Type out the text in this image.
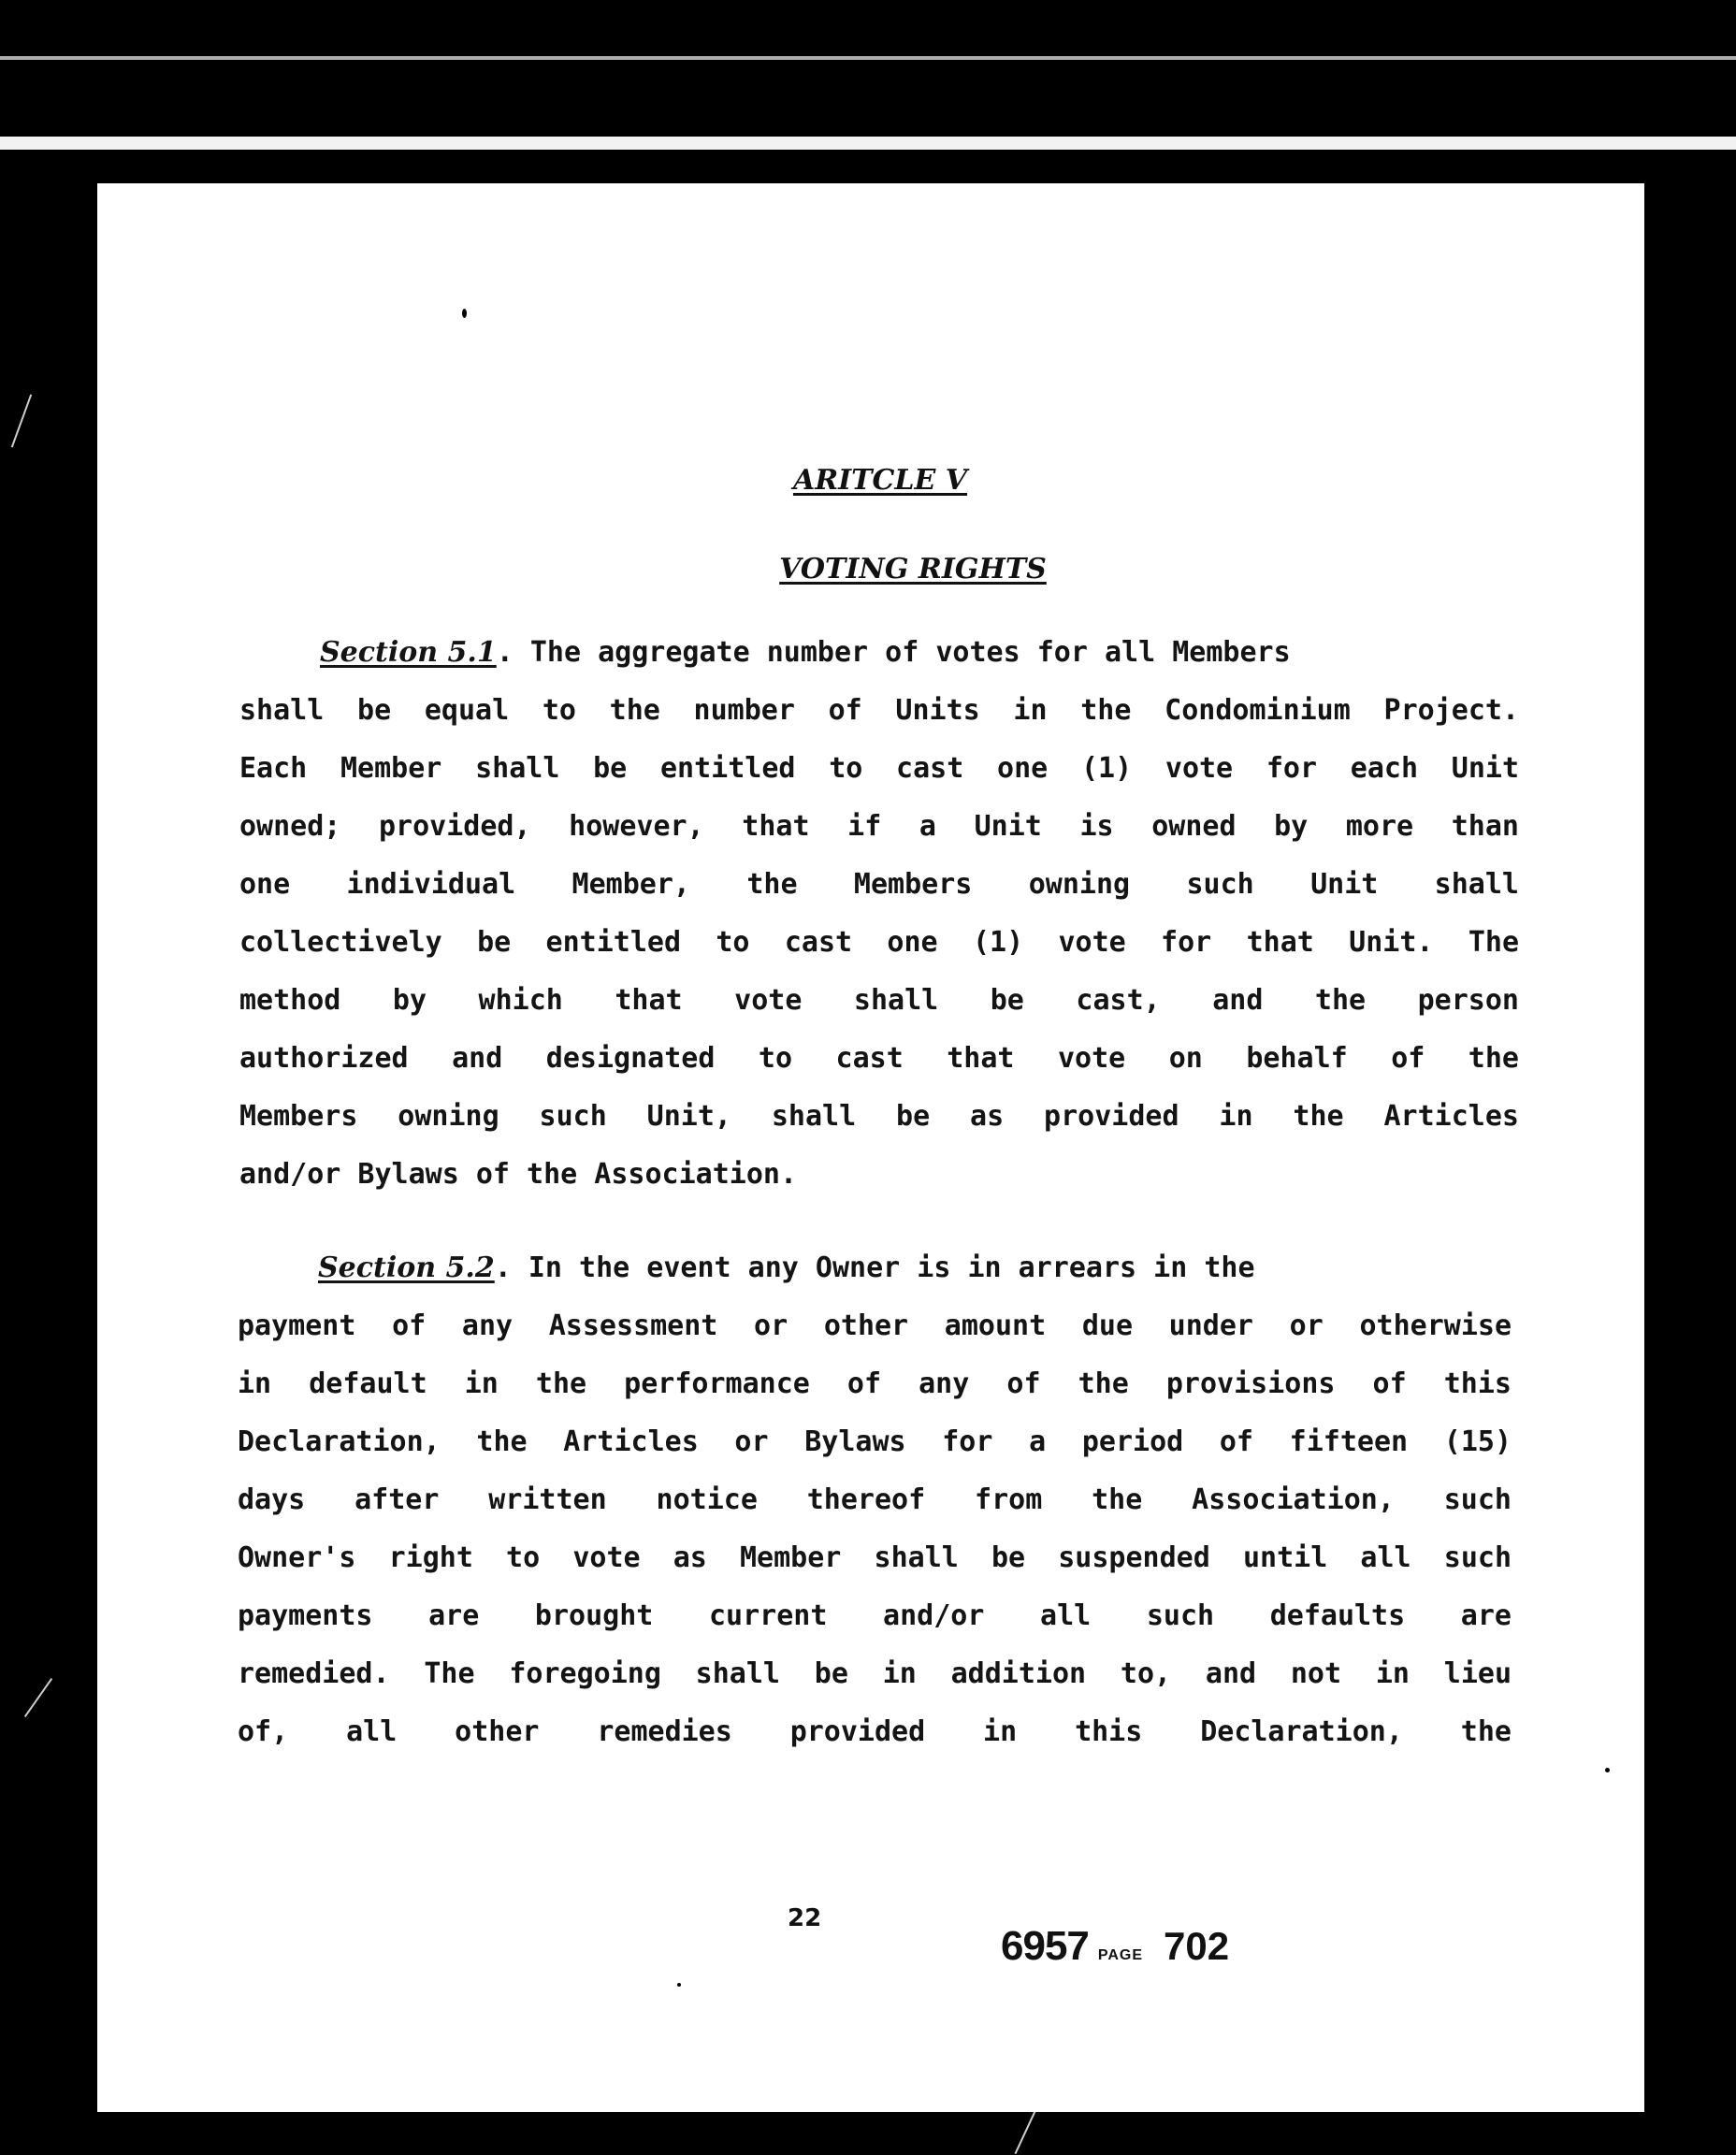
ARITCLE V
VOTING RIGHTS
Section 5.1. The aggregate number of votes for all Members
shall be equal to the number of Units in the Condominium Project.
Each Member shall be entitled to cast one (1) vote for each Unit
owned; provided, however, that if a Unit is owned by more than
one individual Member, the Members owning such Unit shall
collectively be entitled to cast one (1) vote for that Unit. The
method by which that vote shall be cast, and the person
authorized and designated to cast that vote on behalf of the
Members owning such Unit, shall be as provided in the Articles
and/or Bylaws of the Association.
Section 5.2. In the event any Owner is in arrears in the
payment of any Assessment or other amount due under or otherwise
in default in the performance of any of the provisions of this
Declaration, the Articles or Bylaws for a period of fifteen (15)
days after written notice thereof from the Association, such
Owner's right to vote as Member shall be suspended until all such
payments are brought current and/or all such defaults are
remedied. The foregoing shall be in addition to, and not in lieu
of, all other remedies provided in this Declaration, the
22
6957 PAGE 702
